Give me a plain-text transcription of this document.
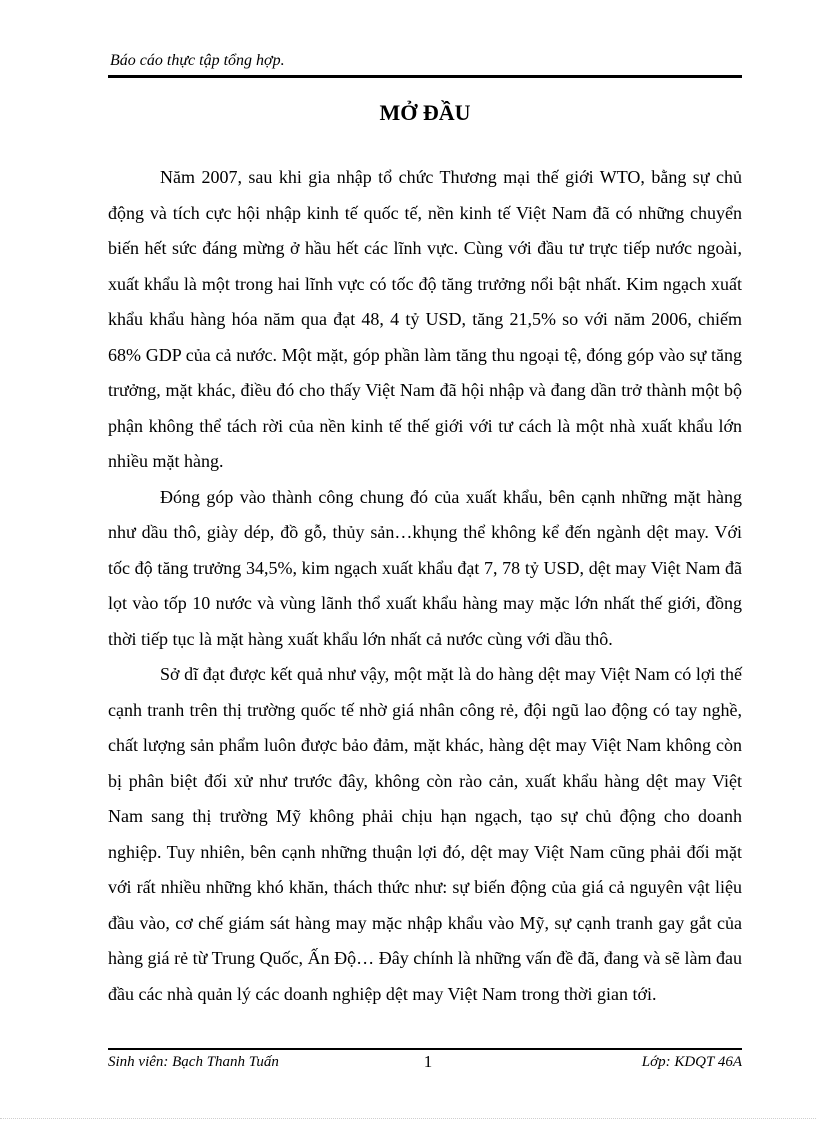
Báo cáo thực tập tổng hợp.
MỞ ĐẦU

Năm 2007, sau khi gia nhập tổ chức Thương mại thế giới WTO, bằng sự chủ động và tích cực hội nhập kinh tế quốc tế, nền kinh tế Việt Nam đã có những chuyển biến hết sức đáng mừng ở hầu hết các lĩnh vực. Cùng với đầu tư trực tiếp nước ngoài, xuất khẩu là một trong hai lĩnh vực có tốc độ tăng trưởng nổi bật nhất. Kim ngạch xuất khẩu khẩu hàng hóa năm qua đạt 48, 4 tỷ USD, tăng 21,5% so với năm 2006, chiếm 68% GDP của cả nước. Một mặt, góp phần làm tăng thu ngoại tệ, đóng góp vào sự tăng trưởng, mặt khác, điều đó cho thấy Việt Nam đã hội nhập và đang dần trở thành một bộ phận không thể tách rời của nền kinh tế thế giới với tư cách là một nhà xuất khẩu lớn nhiều mặt hàng.

Đóng góp vào thành công chung đó của xuất khẩu, bên cạnh những mặt hàng như dầu thô, giày dép, đồ gỗ, thủy sản…khụng thể không kể đến ngành dệt may. Với tốc độ tăng trưởng 34,5%, kim ngạch xuất khẩu đạt 7, 78 tỷ USD, dệt may Việt Nam đã lọt vào tốp 10 nước và vùng lãnh thổ xuất khẩu hàng may mặc lớn nhất thế giới, đồng thời tiếp tục là mặt hàng xuất khẩu lớn nhất cả nước cùng với dầu thô.

Sở dĩ đạt được kết quả như vậy, một mặt là do hàng dệt may Việt Nam có lợi thế cạnh tranh trên thị trường quốc tế nhờ giá nhân công rẻ, đội ngũ lao động có tay nghề, chất lượng sản phẩm luôn được bảo đảm, mặt khác, hàng dệt may Việt Nam không còn bị phân biệt đối xử như trước đây, không còn rào cản, xuất khẩu hàng dệt may Việt Nam sang thị trường Mỹ không phải chịu hạn ngạch, tạo sự chủ động cho doanh nghiệp. Tuy nhiên, bên cạnh những thuận lợi đó, dệt may Việt Nam cũng phải đối mặt với rất nhiều những khó khăn, thách thức như: sự biến động của giá cả nguyên vật liệu đầu vào, cơ chế giám sát hàng may mặc nhập khẩu vào Mỹ, sự cạnh tranh gay gắt của hàng giá rẻ từ Trung Quốc, Ấn Độ… Đây chính là những vấn đề đã, đang và sẽ làm đau đầu các nhà quản lý các doanh nghiệp dệt may Việt Nam trong thời gian tới.

Sinh viên: Bạch Thanh Tuấn	1	Lớp: KDQT 46A
